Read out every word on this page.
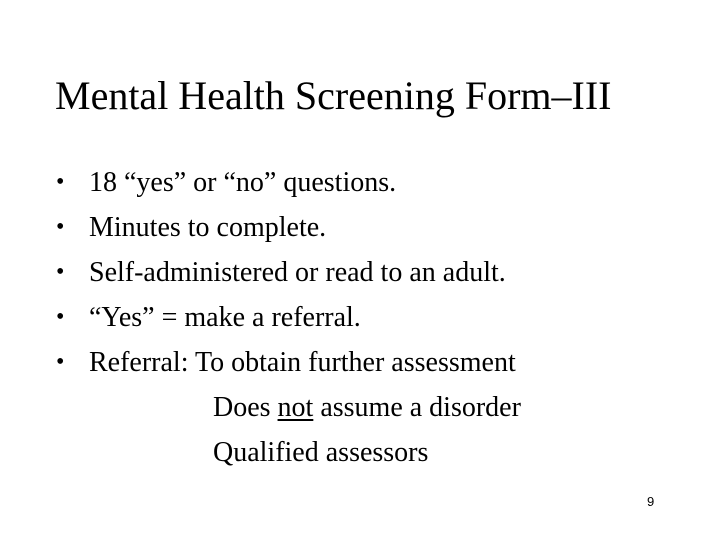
Mental Health Screening Form–III
• 18 “yes” or “no” questions.
• Minutes to complete.
• Self-administered or read to an adult.
• “Yes” = make a referral.
• Referral: To obtain further assessment
Does not assume a disorder
Qualified assessors
9
